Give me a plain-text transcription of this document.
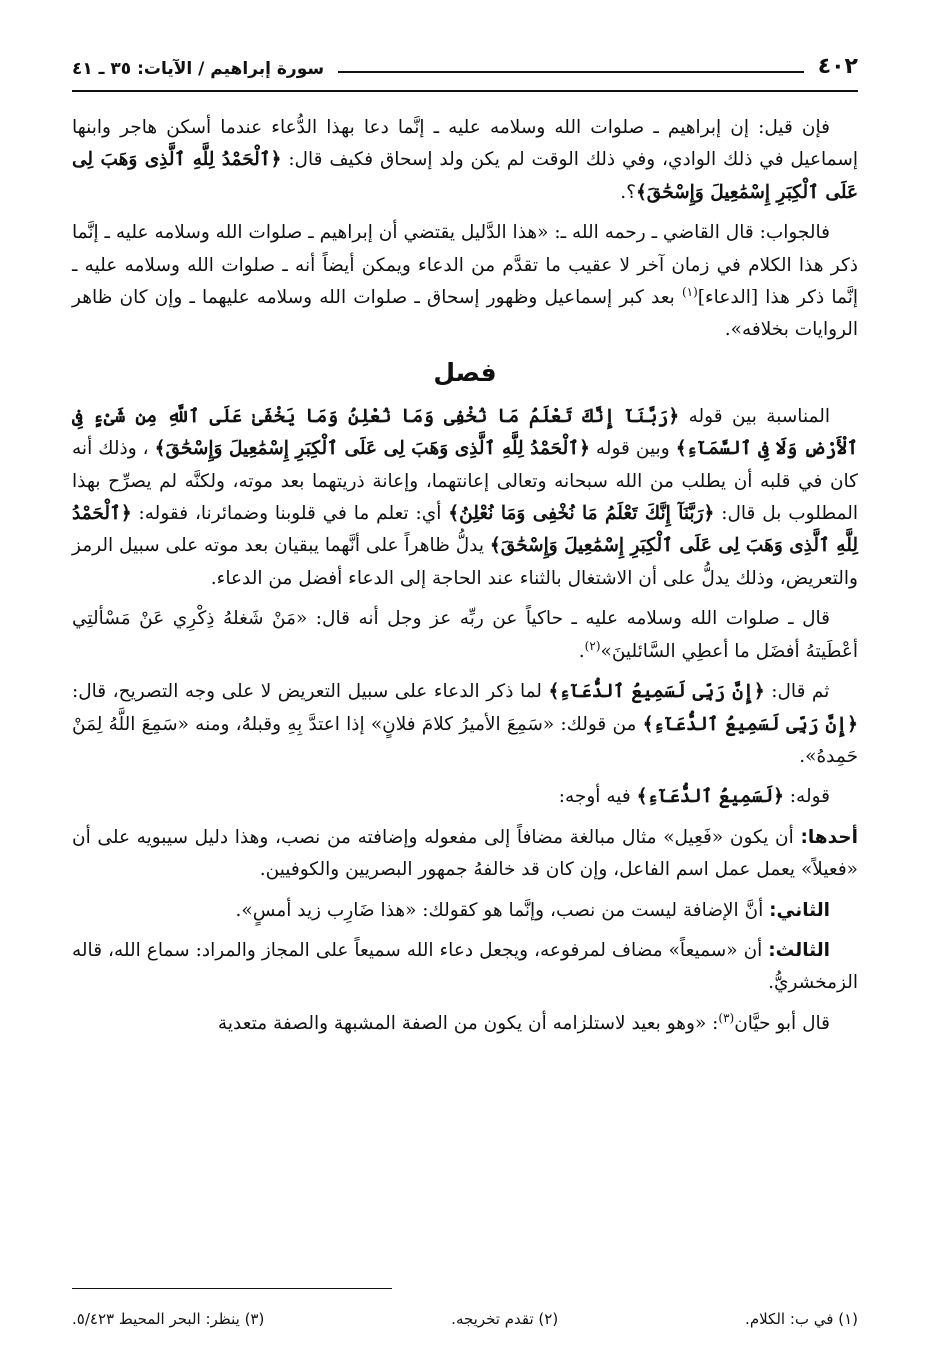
٤٠٢
سورة إبراهيم / الآيات: ٣٥ ـ ٤١

فإن قيل: إن إبراهيم ـ صلوات الله وسلامه عليه ـ إنَّما دعا بهذا الدُّعاء عندما أسكن هاجر وابنها إسماعيل في ذلك الوادي، وفي ذلك الوقت لم يكن ولد إسحاق فكيف قال: ﴿ٱلْحَمْدُ لِلَّهِ ٱلَّذِى وَهَبَ لِى عَلَى ٱلْكِبَرِ إِسْمَٰعِيلَ وَإِسْحَٰقَ﴾؟.

فالجواب: قال القاضي ـ رحمه الله ـ: «هذا الدَّليل يقتضي أن إبراهيم ـ صلوات الله وسلامه عليه ـ إنَّما ذكر هذا الكلام في زمان آخر لا عقيب ما تقدَّم من الدعاء ويمكن أيضاً أنه ـ صلوات الله وسلامه عليه ـ إنَّما ذكر هذا [الدعاء]$^{(١)}$ بعد كبر إسماعيل وظهور إسحاق ـ صلوات الله وسلامه عليهما ـ وإن كان ظاهر الروايات بخلافه».

فصل

المناسبة بين قوله ﴿رَبَّنَآ إِنَّكَ تَعْلَمُ مَا نُخْفِى وَمَا نُعْلِنُ وَمَا يَخْفَىٰ عَلَى ٱللَّهِ مِن شَىْءٍ فِى ٱلْأَرْضِ وَلَا فِى ٱلسَّمَآءِ﴾ وبين قوله ﴿ٱلْحَمْدُ لِلَّهِ ٱلَّذِى وَهَبَ لِى عَلَى ٱلْكِبَرِ إِسْمَٰعِيلَ وَإِسْحَٰقَ﴾ ، وذلك أنه كان في قلبه أن يطلب من الله سبحانه وتعالى إعانتهما، وإعانة ذريتهما بعد موته، ولكنَّه لم يصرِّح بهذا المطلوب بل قال: ﴿رَبَّنَآ إِنَّكَ تَعْلَمُ مَا نُخْفِى وَمَا نُعْلِنُ﴾ أي: تعلم ما في قلوبنا وضمائرنا، فقوله: ﴿ٱلْحَمْدُ لِلَّهِ ٱلَّذِى وَهَبَ لِى عَلَى ٱلْكِبَرِ إِسْمَٰعِيلَ وَإِسْحَٰقَ﴾ يدلُّ ظاهراً على أنَّهما يبقيان بعد موته على سبيل الرمز والتعريض، وذلك يدلُّ على أن الاشتغال بالثناء عند الحاجة إلى الدعاء أفضل من الدعاء.

قال ـ صلوات الله وسلامه عليه ـ حاكياً عن ربِّه عز وجل أنه قال: «مَنْ شَغلهُ ذِكْرِي عَنْ مَسْألتِي أعْطَيتهُ أفضَل ما أعطِي السَّائلينَ»$^{(٢)}$.

ثم قال: ﴿إِنَّ رَبِّى لَسَمِيعُ ٱلدُّعَآءِ﴾ لما ذكر الدعاء على سبيل التعريض لا على وجه التصريح، قال: ﴿إِنَّ رَبِّى لَسَمِيعُ ٱلدُّعَآءِ﴾ من قولك: «سَمِعَ الأميرُ كلامَ فلانٍ» إذا اعتدَّ بِهِ وقبلهُ، ومنه «سَمِعَ اللَّهُ لِمَنْ حَمِدهُ».

قوله: ﴿لَسَمِيعُ ٱلدُّعَآءِ﴾ فيه أوجه:

أحدها: أن يكون «فَعِيل» مثال مبالغة مضافاً إلى مفعوله وإضافته من نصب، وهذا دليل سيبويه على أن «فعيلاً» يعمل عمل اسم الفاعل، وإن كان قد خالفهُ جمهور البصريين والكوفيين.

الثاني: أنَّ الإضافة ليست من نصب، وإنَّما هو كقولك: «هذا ضَارِب زيد أمسٍ».

الثالث: أن «سميعاً» مضاف لمرفوعه، ويجعل دعاء الله سميعاً على المجاز والمراد: سماع الله، قاله الزمخشريُّ.

قال أبو حيَّان$^{(٣)}$: «وهو بعيد لاستلزامه أن يكون من الصفة المشبهة والصفة متعدية

(١) في ب: الكلام.
(٢) تقدم تخريجه.
(٣) ينظر: البحر المحيط ٥/٤٢٣.
